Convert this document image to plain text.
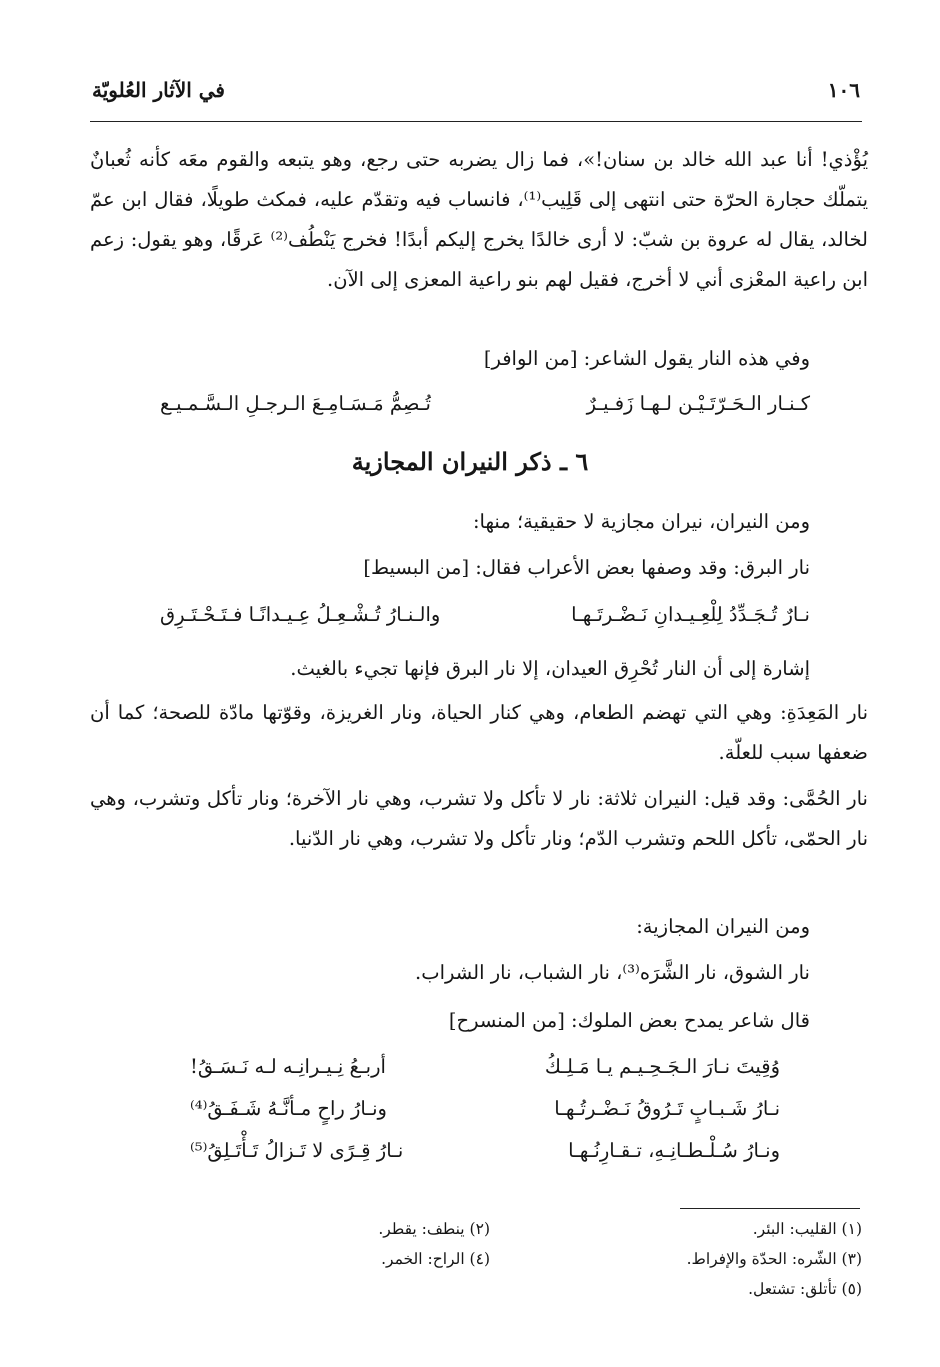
١٠٦
في الآثار العُلويّة
يُؤْذي! أنا عبد الله خالد بن سنان!»، فما زال يضربه حتى رجع، وهو يتبعه والقوم معَه كأنه ثُعبانٌ يتملّك حجارة الحرّة حتى انتهى إلى قَلِيب⁽¹⁾، فانساب فيه وتقدّم عليه، فمكث طويلًا، فقال ابن عمّ لخالد، يقال له عروة بن شبّ: لا أرى خالدًا يخرج إليكم أبدًا! فخرج يَنْطُف⁽²⁾ عَرقًا، وهو يقول: زعم ابن راعية المعْزى أني لا أخرج، فقيل لهم بنو راعية المعزى إلى الآن.
وفي هذه النار يقول الشاعر: [من الوافر]
كـنـار الـحَـرّتَـيْـن لـهـا زَفـيـرٌ
تُـصِمُّ مَـسَـامِـعَ الـرجـلِ الـسَّـمـيـع
٦ ـ ذكر النيران المجازية
ومن النيران، نيران مجازية لا حقيقية؛ منها:
نار البرق: وقد وصفها بعض الأعراب فقال: [من البسيط]
نـارٌ تُـجَـدِّدُ لِلْعِـيـدانِ نَـضْـرتَـهـا
والـنـارُ تُـشْـعِـلُ عِـيـدانًـا فـتَـحْـتَـرِق
إشارة إلى أن النار تُحْرِق العيدان، إلا نار البرق فإنها تجيء بالغيث.
نار المَعِدَةِ: وهي التي تهضم الطعام، وهي كنار الحياة، ونار الغريزة، وقوّتها مادّة للصحة؛ كما أن ضعفها سبب للعلّة.
نار الحُمَّى: وقد قيل: النيران ثلاثة: نار لا تأكل ولا تشرب، وهي نار الآخرة؛ ونار تأكل وتشرب، وهي نار الحمّى، تأكل اللحم وتشرب الدّم؛ ونار تأكل ولا تشرب، وهي نار الدّنيا.
ومن النيران المجازية:
نار الشوق، نار الشَّرَه⁽³⁾، نار الشباب، نار الشراب.
قال شاعر يمدح بعض الملوك: [من المنسرح]
وُقِيتَ نـارَ الـجَـحِـيـم يـا مَـلِـكُ
أربـعُ نِـيـرانِـه لـه نَـسَـقُ!
نـارُ شَـبـابٍ تَـرُوقُ نَـضْـرتُـهـا
ونـارُ راحٍ مـأنَّـهُ شَـفَـقُ⁽⁴⁾
ونـارُ سُـلْـطـانِـهِ، تـقـارِنُـهـا
نـارُ قِـرًى لا تَـزالُ تَـأْتَـلِقُ⁽⁵⁾
(١) القليب: البئر.
(٢) ينطف: يقطر.
(٣) الشّره: الحدّة والإفراط.
(٤) الراح: الخمر.
(٥) تأتلق: تشتعل.
